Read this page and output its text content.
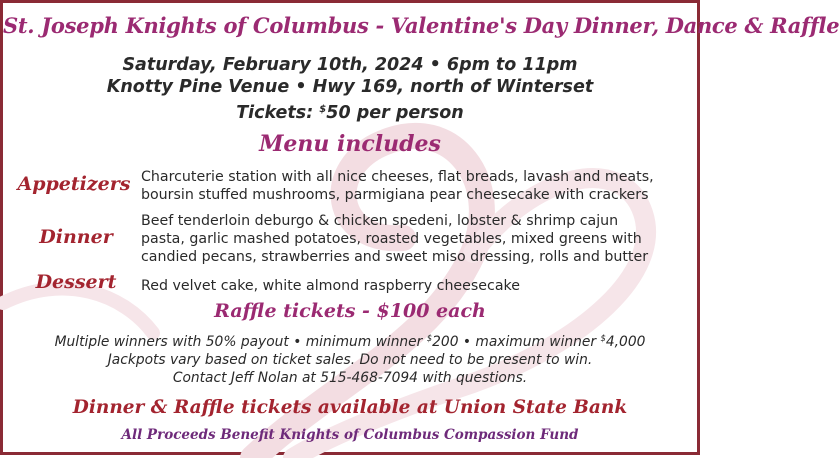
St. Joseph Knights of Columbus - Valentine's Day Dinner, Dance & Raffle
Saturday, February 10th, 2024 • 6pm to 11pm
Knotty Pine Venue • Hwy 169, north of Winterset
Tickets: $50 per person
Menu includes
Appetizers Charcuterie station with all nice cheeses, flat breads, lavash and meats,
boursin stuffed mushrooms, parmigiana pear cheesecake with crackers
Dinner
Beef tenderloin deburgo & chicken spedeni, lobster & shrimp cajun
pasta, garlic mashed potatoes, roasted vegetables, mixed greens with
candied pecans, strawberries and sweet miso dressing, rolls and butter
Dessert	Red velvet cake, white almond raspberry cheesecake
Raffle tickets - $100 each
Multiple winners with 50% payout • minimum winner $200 • maximum winner $4,000
Jackpots vary based on ticket sales. Do not need to be present to win.
Contact Jeff Nolan at 515-468-7094 with questions.
Dinner & Raffle tickets available at Union State Bank
All Proceeds Benefit Knights of Columbus Compassion Fund
